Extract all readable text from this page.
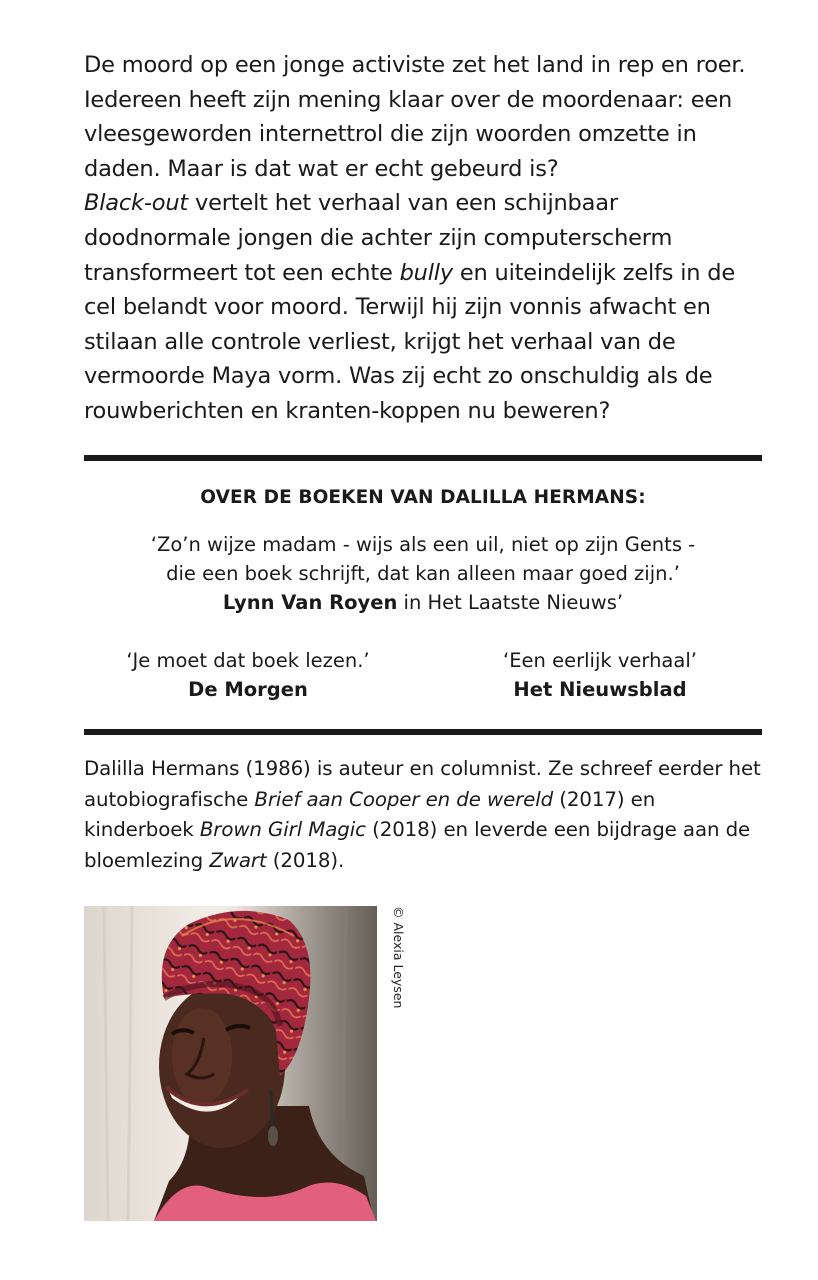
De moord op een jonge activiste zet het land in rep en roer. Iedereen heeft zijn mening klaar over de moordenaar: een vleesgeworden internettrol die zijn woorden omzette in daden. Maar is dat wat er echt gebeurd is?
Black-out vertelt het verhaal van een schijnbaar doodnormale jongen die achter zijn computerscherm transformeert tot een echte bully en uiteindelijk zelfs in de cel belandt voor moord. Terwijl hij zijn vonnis afwacht en stilaan alle controle verliest, krijgt het verhaal van de vermoorde Maya vorm. Was zij echt zo onschuldig als de rouwberichten en kranten-koppen nu beweren?

OVER DE BOEKEN VAN DALILLA HERMANS:

‘Zo’n wijze madam - wijs als een uil, niet op zijn Gents -
die een boek schrijft, dat kan alleen maar goed zijn.’
Lynn Van Royen in Het Laatste Nieuws’

‘Je moet dat boek lezen.’
De Morgen
‘Een eerlijk verhaal’
Het Nieuwsblad

Dalilla Hermans (1986) is auteur en columnist. Ze schreef eerder het autobiografische Brief aan Cooper en de wereld (2017) en kinderboek Brown Girl Magic (2018) en leverde een bijdrage aan de bloemlezing Zwart (2018).

© Alexia Leysen
